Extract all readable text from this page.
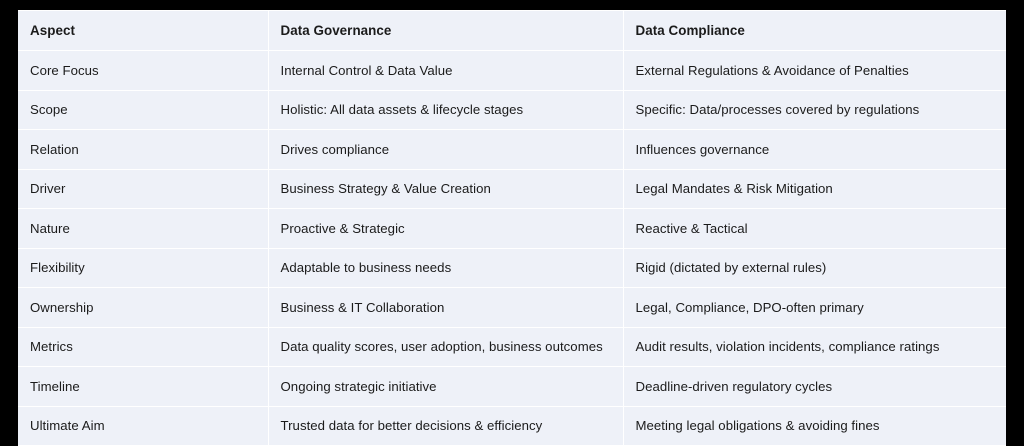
Aspect	Data Governance	Data Compliance
Core Focus	Internal Control & Data Value	External Regulations & Avoidance of Penalties
Scope	Holistic: All data assets & lifecycle stages	Specific: Data/processes covered by regulations
Relation	Drives compliance	Influences governance
Driver	Business Strategy & Value Creation	Legal Mandates & Risk Mitigation
Nature	Proactive & Strategic	Reactive & Tactical
Flexibility	Adaptable to business needs	Rigid (dictated by external rules)
Ownership	Business & IT Collaboration	Legal, Compliance, DPO-often primary
Metrics	Data quality scores, user adoption, business outcomes	Audit results, violation incidents, compliance ratings
Timeline	Ongoing strategic initiative	Deadline-driven regulatory cycles
Ultimate Aim	Trusted data for better decisions & efficiency	Meeting legal obligations & avoiding fines
